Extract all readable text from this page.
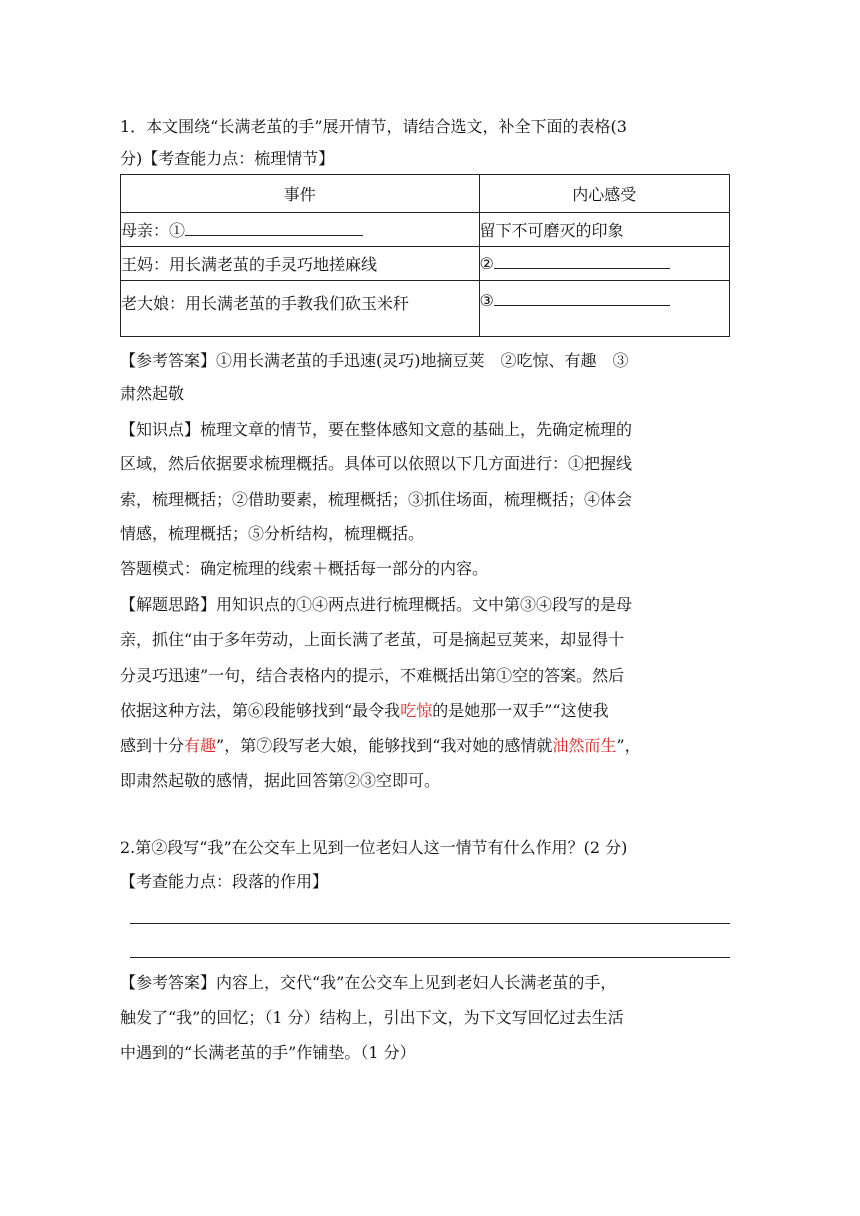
1．本文围绕“长满老茧的手”展开情节，请结合选文，补全下面的表格(3
分)【考查能力点：梳理情节】
事件	内心感受
母亲：①	留下不可磨灭的印象
王妈：用长满老茧的手灵巧地搓麻线	②
老大娘：用长满老茧的手教我们砍玉米秆	③
【参考答案】①用长满老茧的手迅速(灵巧)地摘豆荚　②吃惊、有趣　③
肃然起敬
【知识点】梳理文章的情节，要在整体感知文意的基础上，先确定梳理的
区域，然后依据要求梳理概括。具体可以依照以下几方面进行：①把握线
索，梳理概括；②借助要素，梳理概括；③抓住场面，梳理概括；④体会
情感，梳理概括；⑤分析结构，梳理概括。
答题模式：确定梳理的线索＋概括每一部分的内容。
【解题思路】用知识点的①④两点进行梳理概括。文中第③④段写的是母
亲，抓住“由于多年劳动，上面长满了老茧，可是摘起豆荚来，却显得十
分灵巧迅速”一句，结合表格内的提示，不难概括出第①空的答案。然后
依据这种方法，第⑥段能够找到“最令我吃惊的是她那一双手”“这使我
感到十分有趣”，第⑦段写老大娘，能够找到“我对她的感情就油然而生”，
即肃然起敬的感情，据此回答第②③空即可。
2.第②段写“我”在公交车上见到一位老妇人这一情节有什么作用？(2 分)
【考查能力点：段落的作用】
【参考答案】内容上，交代“我”在公交车上见到老妇人长满老茧的手，
触发了“我”的回忆；（1 分）结构上，引出下文，为下文写回忆过去生活
中遇到的“长满老茧的手”作铺垫。（1 分）
